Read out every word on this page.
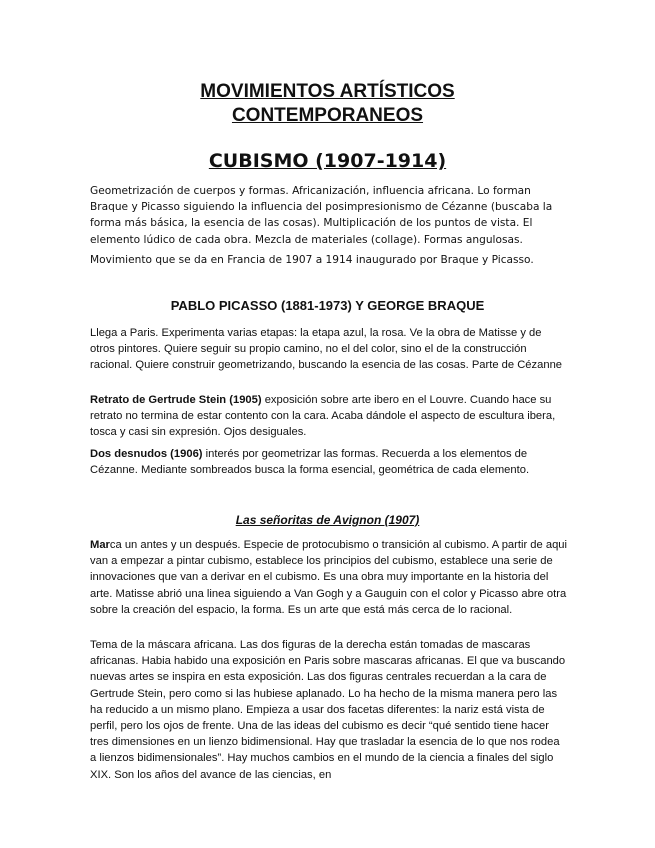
MOVIMIENTOS ARTÍSTICOS
CONTEMPORANEOS
CUBISMO (1907-1914)

Geometrización de cuerpos y formas. Africanización, influencia africana. Lo forman Braque y Picasso siguiendo la influencia del posimpresionismo de Cézanne (buscaba la forma más básica, la esencia de las cosas). Multiplicación de los puntos de vista. El elemento lúdico de cada obra. Mezcla de materiales (collage). Formas angulosas.

Movimiento que se da en Francia de 1907 a 1914 inaugurado por Braque y Picasso.

PABLO PICASSO (1881-1973) Y GEORGE BRAQUE

Llega a Paris. Experimenta varias etapas: la etapa azul, la rosa. Ve la obra de Matisse y de otros pintores. Quiere seguir su propio camino, no el del color, sino el de la construcción racional. Quiere construir geometrizando, buscando la esencia de las cosas. Parte de Cézanne

Retrato de Gertrude Stein (1905) exposición sobre arte ibero en el Louvre. Cuando hace su retrato no termina de estar contento con la cara. Acaba dándole el aspecto de escultura ibera, tosca y casi sin expresión. Ojos desiguales.

Dos desnudos (1906) interés por geometrizar las formas. Recuerda a los elementos de Cézanne. Mediante sombreados busca la forma esencial, geométrica de cada elemento.

Las señoritas de Avignon (1907)

Marca un antes y un después. Especie de protocubismo o transición al cubismo. A partir de aqui van a empezar a pintar cubismo, establece los principios del cubismo, establece una serie de innovaciones que van a derivar en el cubismo. Es una obra muy importante en la historia del arte. Matisse abrió una linea siguiendo a Van Gogh y a Gauguin con el color y Picasso abre otra sobre la creación del espacio, la forma. Es un arte que está más cerca de lo racional.

Tema de la máscara africana. Las dos figuras de la derecha están tomadas de mascaras africanas. Habia habido una exposición en Paris sobre mascaras africanas. El que va buscando nuevas artes se inspira en esta exposición. Las dos figuras centrales recuerdan a la cara de Gertrude Stein, pero como si las hubiese aplanado. Lo ha hecho de la misma manera pero las ha reducido a un mismo plano. Empieza a usar dos facetas diferentes: la nariz está vista de perfil, pero los ojos de frente. Una de las ideas del cubismo es decir “qué sentido tiene hacer tres dimensiones en un lienzo bidimensional. Hay que trasladar la esencia de lo que nos rodea a lienzos bidimensionales”. Hay muchos cambios en el mundo de la ciencia a finales del siglo XIX. Son los años del avance de las ciencias, en
